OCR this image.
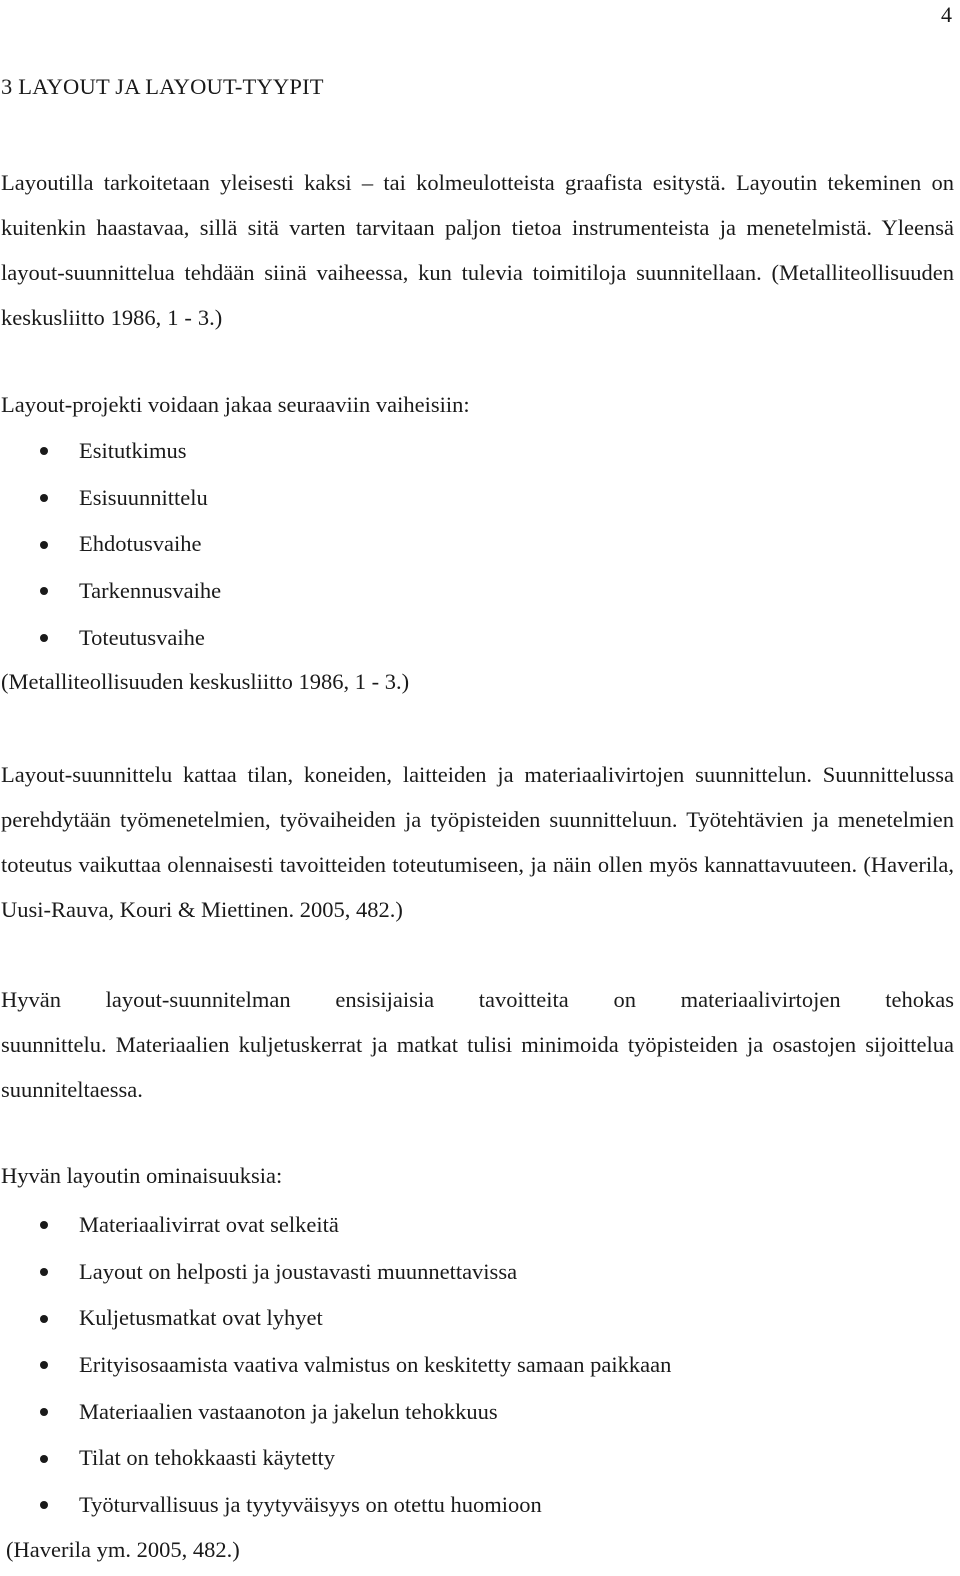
4
3 LAYOUT JA LAYOUT-TYYPIT
Layoutilla tarkoitetaan yleisesti kaksi – tai kolmeulotteista graafista esitystä. Layoutin tekeminen on kuitenkin haastavaa, sillä sitä varten tarvitaan paljon tietoa instrumenteista ja menetelmistä. Yleensä layout-suunnittelua tehdään siinä vaiheessa, kun tulevia toimitiloja suunnitellaan. (Metalliteollisuuden keskusliitto 1986, 1 - 3.)
Layout-projekti voidaan jakaa seuraaviin vaiheisiin:
Esitutkimus
Esisuunnittelu
Ehdotusvaihe
Tarkennusvaihe
Toteutusvaihe
(Metalliteollisuuden keskusliitto 1986, 1 - 3.)
Layout-suunnittelu kattaa tilan, koneiden, laitteiden ja materiaalivirtojen suunnittelun. Suunnittelussa perehdytään työmenetelmien, työvaiheiden ja työpisteiden suunnitteluun. Työtehtävien ja menetelmien toteutus vaikuttaa olennaisesti tavoitteiden toteutumiseen, ja näin ollen myös kannattavuuteen. (Haverila, Uusi-Rauva, Kouri & Miettinen. 2005, 482.)
Hyvän layout-suunnitelman ensisijaisia tavoitteita on materiaalivirtojen tehokas
suunnittelu. Materiaalien kuljetuskerrat ja matkat tulisi minimoida työpisteiden ja osastojen sijoittelua suunniteltaessa.
Hyvän layoutin ominaisuuksia:
Materiaalivirrat ovat selkeitä
Layout on helposti ja joustavasti muunnettavissa
Kuljetusmatkat ovat lyhyet
Erityisosaamista vaativa valmistus on keskitetty samaan paikkaan
Materiaalien vastaanoton ja jakelun tehokkuus
Tilat on tehokkaasti käytetty
Työturvallisuus ja tyytyväisyys on otettu huomioon
(Haverila ym. 2005, 482.)
